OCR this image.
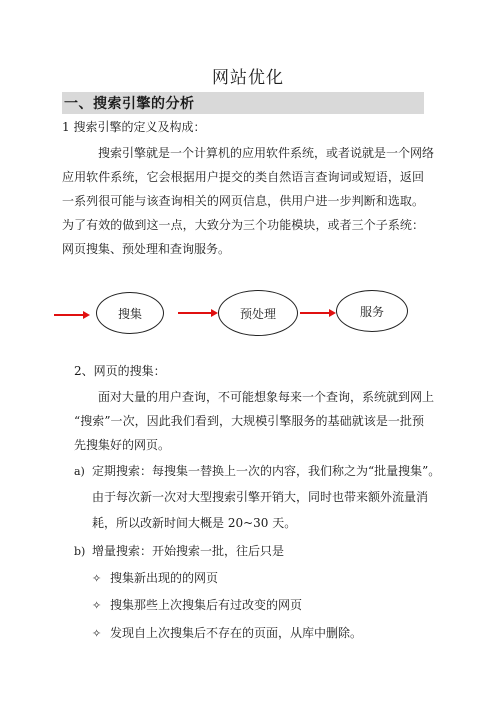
网站优化
一、搜索引擎的分析
1 搜索引擎的定义及构成：
搜索引擎就是一个计算机的应用软件系统，或者说就是一个网络
应用软件系统，它会根据用户提交的类自然语言查询词或短语，返回
一系列很可能与该查询相关的网页信息，供用户进一步判断和选取。
为了有效的做到这一点，大致分为三个功能模块，或者三个子系统：
网页搜集、预处理和查询服务。
搜集	预处理	服务
2、网页的搜集：
面对大量的用户查询，不可能想象每来一个查询，系统就到网上
“搜索”一次，因此我们看到，大规模引擎服务的基础就该是一批预
先搜集好的网页。
a) 定期搜索：每搜集一替换上一次的内容，我们称之为“批量搜集”。
由于每次新一次对大型搜索引擎开销大，同时也带来额外流量消
耗，所以改新时间大概是 20~30 天。
b) 增量搜索：开始搜索一批，往后只是
✧ 搜集新出现的的网页
✧ 搜集那些上次搜集后有过改变的网页
✧ 发现自上次搜集后不存在的页面，从库中删除。
